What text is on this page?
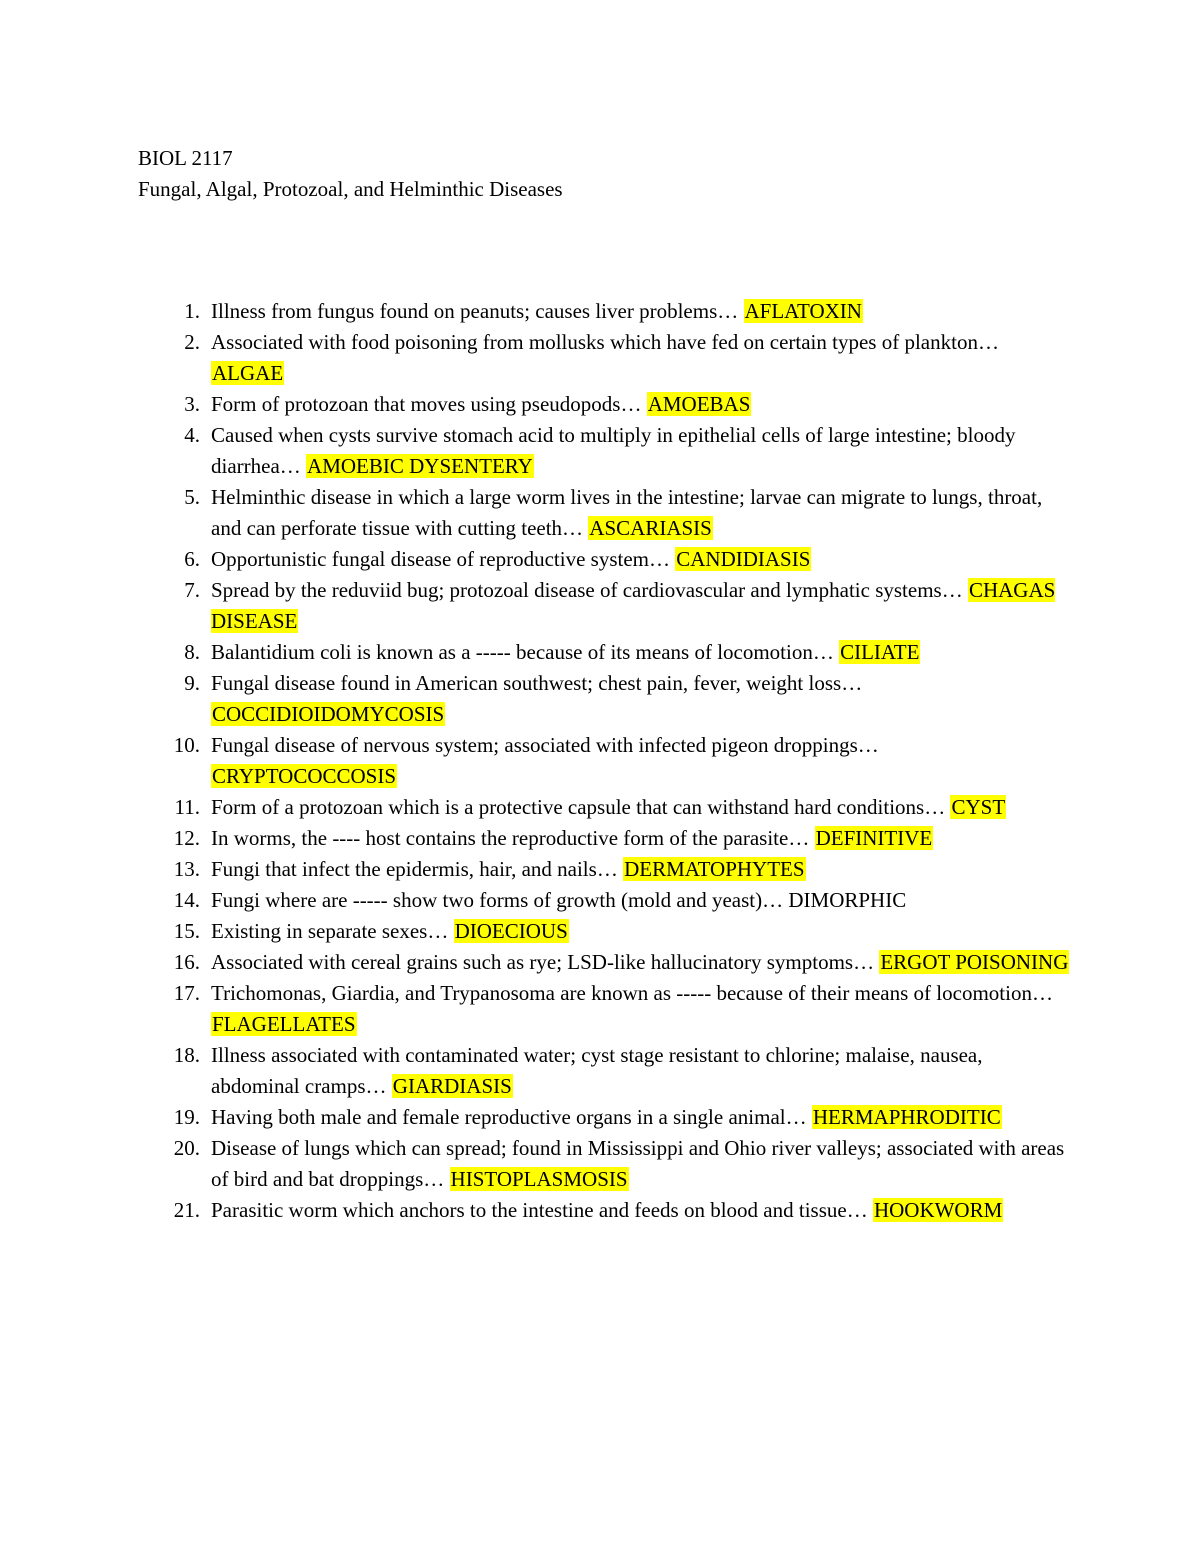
BIOL 2117
Fungal, Algal, Protozoal, and Helminthic Diseases
1. Illness from fungus found on peanuts; causes liver problems… AFLATOXIN
2. Associated with food poisoning from mollusks which have fed on certain types of plankton… ALGAE
3. Form of protozoan that moves using pseudopods… AMOEBAS
4. Caused when cysts survive stomach acid to multiply in epithelial cells of large intestine; bloody diarrhea… AMOEBIC DYSENTERY
5. Helminthic disease in which a large worm lives in the intestine; larvae can migrate to lungs, throat, and can perforate tissue with cutting teeth… ASCARIASIS
6. Opportunistic fungal disease of reproductive system… CANDIDIASIS
7. Spread by the reduviid bug; protozoal disease of cardiovascular and lymphatic systems… CHAGAS DISEASE
8. Balantidium coli is known as a ----- because of its means of locomotion… CILIATE
9. Fungal disease found in American southwest; chest pain, fever, weight loss… COCCIDIOIDOMYCOSIS
10. Fungal disease of nervous system; associated with infected pigeon droppings… CRYPTOCOCCOSIS
11. Form of a protozoan which is a protective capsule that can withstand hard conditions… CYST
12. In worms, the ---- host contains the reproductive form of the parasite… DEFINITIVE
13. Fungi that infect the epidermis, hair, and nails… DERMATOPHYTES
14. Fungi where are ----- show two forms of growth (mold and yeast)… DIMORPHIC
15. Existing in separate sexes… DIOECIOUS
16. Associated with cereal grains such as rye; LSD-like hallucinatory symptoms… ERGOT POISONING
17. Trichomonas, Giardia, and Trypanosoma are known as ----- because of their means of locomotion… FLAGELLATES
18. Illness associated with contaminated water; cyst stage resistant to chlorine; malaise, nausea, abdominal cramps… GIARDIASIS
19. Having both male and female reproductive organs in a single animal… HERMAPHRODITIC
20. Disease of lungs which can spread; found in Mississippi and Ohio river valleys; associated with areas of bird and bat droppings… HISTOPLASMOSIS
21. Parasitic worm which anchors to the intestine and feeds on blood and tissue… HOOKWORM
